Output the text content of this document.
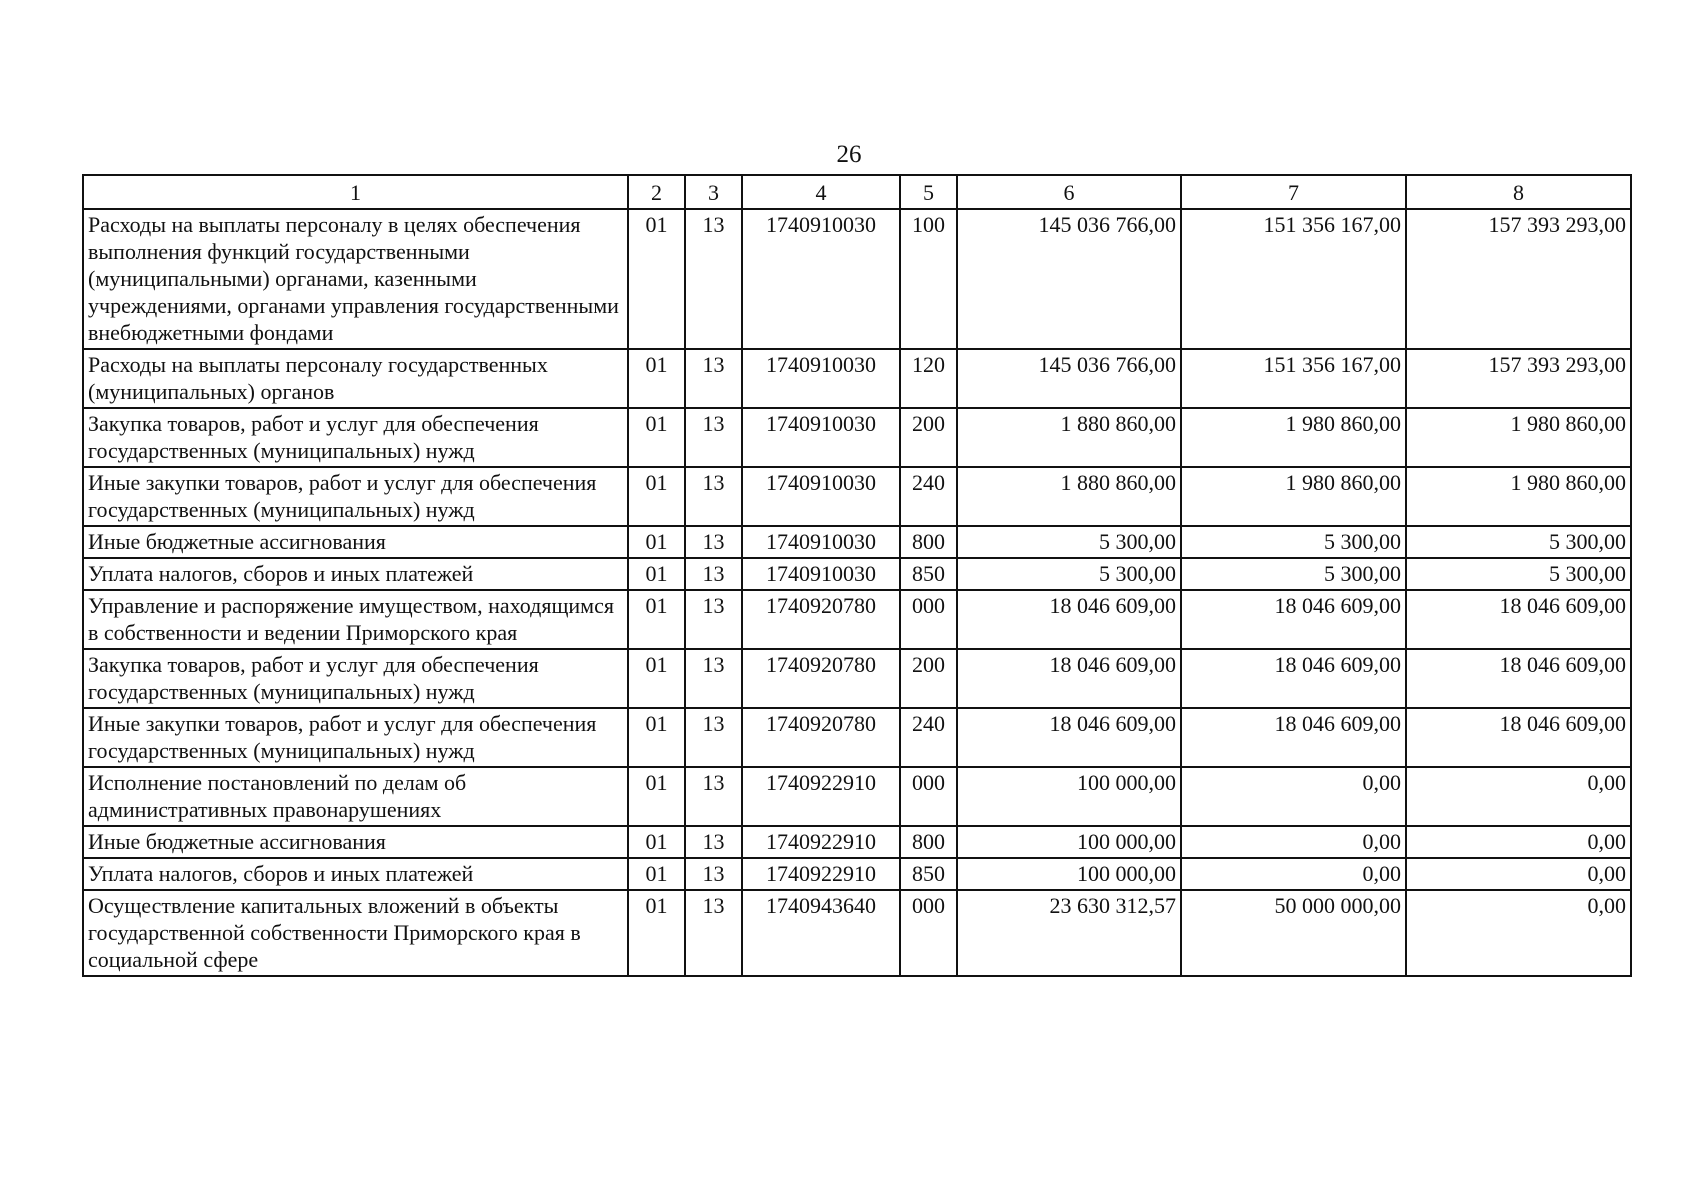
26
1	2	3	4	5	6	7	8
Расходы на выплаты персоналу в целях обеспечения выполнения функций государственными (муниципальными) органами, казенными учреждениями, органами управления государственными внебюджетными фондами	01	13	1740910030	100	145 036 766,00	151 356 167,00	157 393 293,00
Расходы на выплаты персоналу государственных (муниципальных) органов	01	13	1740910030	120	145 036 766,00	151 356 167,00	157 393 293,00
Закупка товаров, работ и услуг для обеспечения государственных (муниципальных) нужд	01	13	1740910030	200	1 880 860,00	1 980 860,00	1 980 860,00
Иные закупки товаров, работ и услуг для обеспечения государственных (муниципальных) нужд	01	13	1740910030	240	1 880 860,00	1 980 860,00	1 980 860,00
Иные бюджетные ассигнования	01	13	1740910030	800	5 300,00	5 300,00	5 300,00
Уплата налогов, сборов и иных платежей	01	13	1740910030	850	5 300,00	5 300,00	5 300,00
Управление и распоряжение имуществом, находящимся в собственности и ведении Приморского края	01	13	1740920780	000	18 046 609,00	18 046 609,00	18 046 609,00
Закупка товаров, работ и услуг для обеспечения государственных (муниципальных) нужд	01	13	1740920780	200	18 046 609,00	18 046 609,00	18 046 609,00
Иные закупки товаров, работ и услуг для обеспечения государственных (муниципальных) нужд	01	13	1740920780	240	18 046 609,00	18 046 609,00	18 046 609,00
Исполнение постановлений по делам об административных правонарушениях	01	13	1740922910	000	100 000,00	0,00	0,00
Иные бюджетные ассигнования	01	13	1740922910	800	100 000,00	0,00	0,00
Уплата налогов, сборов и иных платежей	01	13	1740922910	850	100 000,00	0,00	0,00
Осуществление капитальных вложений в объекты государственной собственности Приморского края в социальной сфере	01	13	1740943640	000	23 630 312,57	50 000 000,00	0,00
